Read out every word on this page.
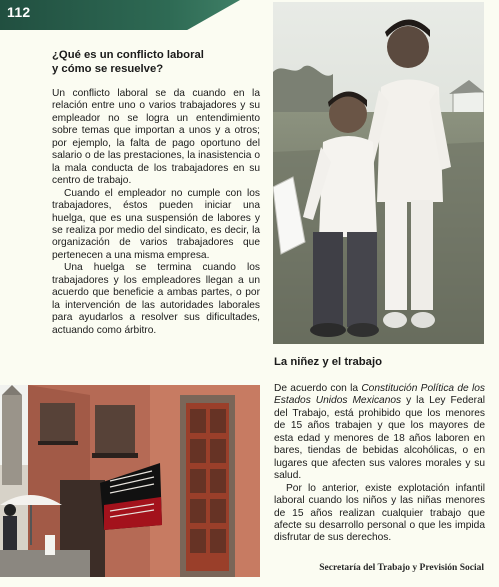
112
¿Qué es un conflicto laboral
y cómo se resuelve?

Un conflicto laboral se da cuando en la relación entre uno o varios trabajadores y su empleador no se logra un entendimiento sobre temas que importan a unos y a otros; por ejemplo, la falta de pago oportuno del salario o de las prestaciones, la inasistencia o la mala conducta de los trabajadores en su centro de trabajo.

Cuando el empleador no cumple con los trabajadores, éstos pueden iniciar una huelga, que es una suspensión de labores y se realiza por medio del sindicato, es decir, la organización de varios trabajadores que pertenecen a una misma empresa.

Una huelga se termina cuando los trabajadores y los empleadores llegan a un acuerdo que beneficie a ambas partes, o por la intervención de las autoridades laborales para ayudarlos a resolver sus dificultades, actuando como árbitro.

La niñez y el trabajo

De acuerdo con la Constitución Política de los Estados Unidos Mexicanos y la Ley Federal del Trabajo, está prohibido que los menores de 15 años trabajen y que los mayores de esta edad y menores de 18 años laboren en bares, tiendas de bebidas alcohólicas, o en lugares que afecten sus valores morales y su salud.

Por lo anterior, existe explotación infantil laboral cuando los niños y las niñas menores de 15 años realizan cualquier trabajo que afecte su desarrollo personal o que les impida disfrutar de sus derechos.

Secretaría del Trabajo y Previsión Social
